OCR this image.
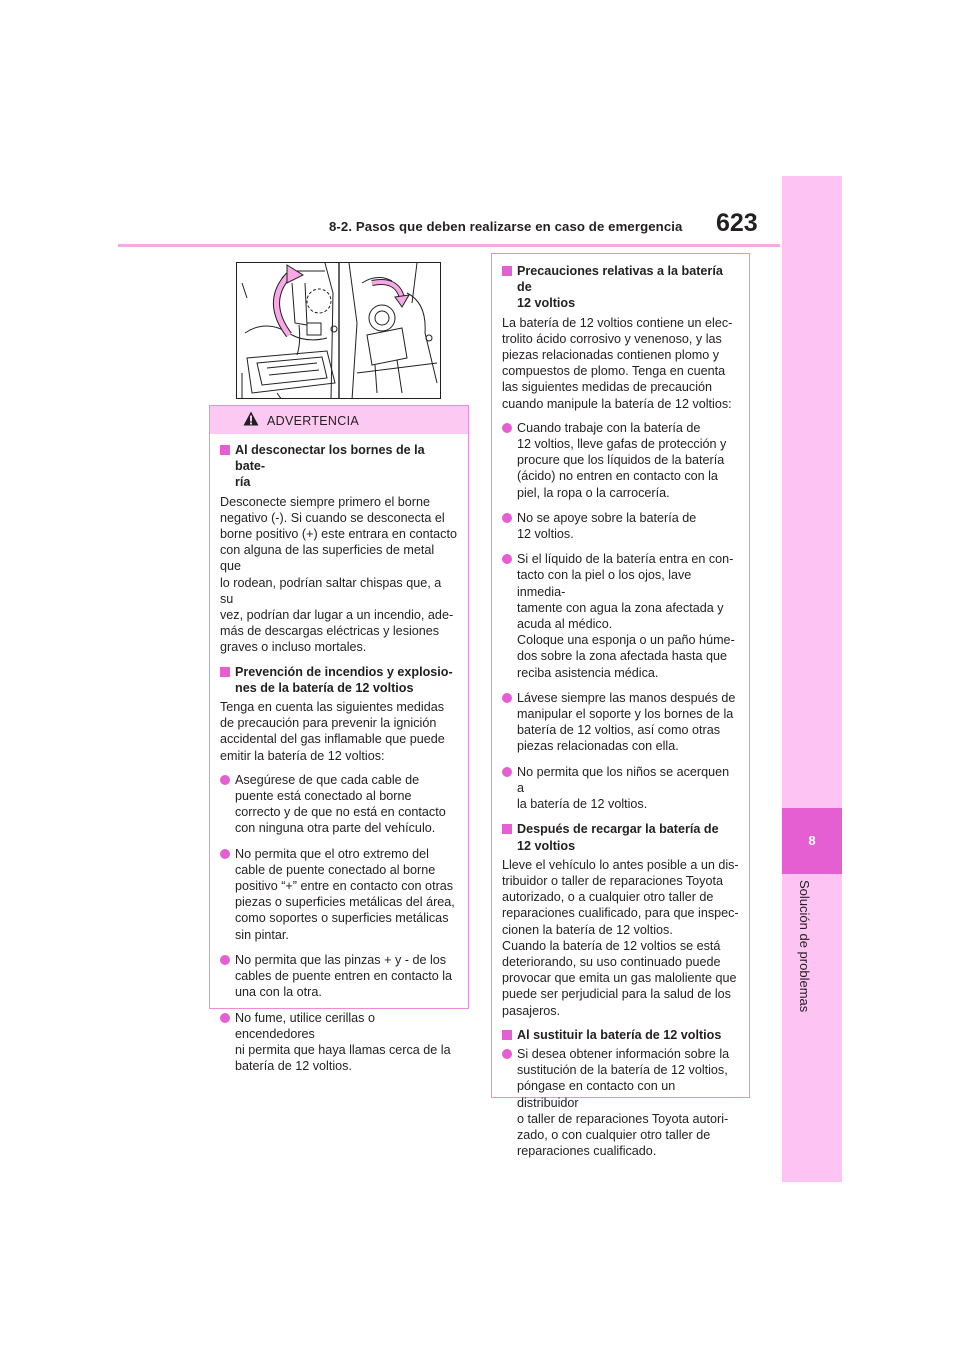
8-2. Pasos que deben realizarse en caso de emergencia 623
8
Solución de problemas
ADVERTENCIA
Al desconectar los bornes de la bate-
ría
Desconecte siempre primero el borne
negativo (-). Si cuando se desconecta el
borne positivo (+) este entrara en contacto
con alguna de las superficies de metal que
lo rodean, podrían saltar chispas que, a su
vez, podrían dar lugar a un incendio, ade-
más de descargas eléctricas y lesiones
graves o incluso mortales.
Prevención de incendios y explosio-
nes de la batería de 12 voltios
Tenga en cuenta las siguientes medidas
de precaución para prevenir la ignición
accidental del gas inflamable que puede
emitir la batería de 12 voltios:
Asegúrese de que cada cable de
puente está conectado al borne
correcto y de que no está en contacto
con ninguna otra parte del vehículo.
No permita que el otro extremo del
cable de puente conectado al borne
positivo “+” entre en contacto con otras
piezas o superficies metálicas del área,
como soportes o superficies metálicas
sin pintar.
No permita que las pinzas + y - de los
cables de puente entren en contacto la
una con la otra.
No fume, utilice cerillas o encendedores
ni permita que haya llamas cerca de la
batería de 12 voltios.
Precauciones relativas a la batería de
12 voltios
La batería de 12 voltios contiene un elec-
trolito ácido corrosivo y venenoso, y las
piezas relacionadas contienen plomo y
compuestos de plomo. Tenga en cuenta
las siguientes medidas de precaución
cuando manipule la batería de 12 voltios:
Cuando trabaje con la batería de
12 voltios, lleve gafas de protección y
procure que los líquidos de la batería
(ácido) no entren en contacto con la
piel, la ropa o la carrocería.
No se apoye sobre la batería de
12 voltios.
Si el líquido de la batería entra en con-
tacto con la piel o los ojos, lave inmedia-
tamente con agua la zona afectada y
acuda al médico.
Coloque una esponja o un paño húme-
dos sobre la zona afectada hasta que
reciba asistencia médica.
Lávese siempre las manos después de
manipular el soporte y los bornes de la
batería de 12 voltios, así como otras
piezas relacionadas con ella.
No permita que los niños se acerquen a
la batería de 12 voltios.
Después de recargar la batería de
12 voltios
Lleve el vehículo lo antes posible a un dis-
tribuidor o taller de reparaciones Toyota
autorizado, o a cualquier otro taller de
reparaciones cualificado, para que inspec-
cionen la batería de 12 voltios.
Cuando la batería de 12 voltios se está
deteriorando, su uso continuado puede
provocar que emita un gas maloliente que
puede ser perjudicial para la salud de los
pasajeros.
Al sustituir la batería de 12 voltios
Si desea obtener información sobre la
sustitución de la batería de 12 voltios,
póngase en contacto con un distribuidor
o taller de reparaciones Toyota autori-
zado, o con cualquier otro taller de
reparaciones cualificado.
